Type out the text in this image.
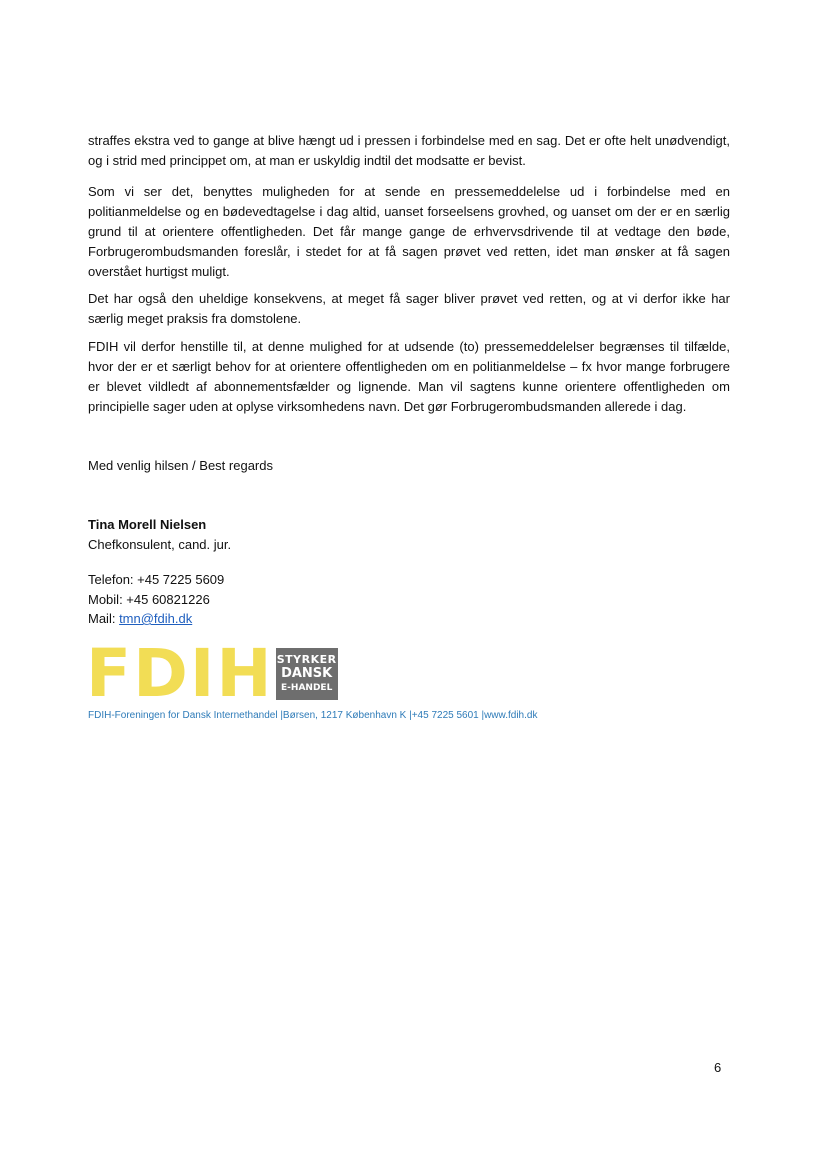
straffes ekstra ved to gange at blive hængt ud i pressen i forbindelse med en sag. Det er ofte helt unødvendigt, og i strid med princippet om, at man er uskyldig indtil det modsatte er bevist.

Som vi ser det, benyttes muligheden for at sende en pressemeddelelse ud i forbindelse med en politianmeldelse og en bødevedtagelse i dag altid, uanset forseelsens grovhed, og uanset om der er en særlig grund til at orientere offentligheden. Det får mange gange de erhvervsdrivende til at vedtage den bøde, Forbrugerombudsmanden foreslår, i stedet for at få sagen prøvet ved retten, idet man ønsker at få sagen overstået hurtigst muligt.

Det har også den uheldige konsekvens, at meget få sager bliver prøvet ved retten, og at vi derfor ikke har særlig meget praksis fra domstolene.

FDIH vil derfor henstille til, at denne mulighed for at udsende (to) pressemeddelelser begrænses til tilfælde, hvor der er et særligt behov for at orientere offentligheden om en politianmeldelse – fx hvor mange forbrugere er blevet vildledt af abonnementsfælder og lignende. Man vil sagtens kunne orientere offentligheden om principielle sager uden at oplyse virksomhedens navn. Det gør Forbrugerombudsmanden allerede i dag.

Med venlig hilsen / Best regards
Tina Morell Nielsen
Chefkonsulent, cand. jur.
Telefon: +45 7225 5609
Mobil: +45 60821226
Mail: tmn@fdih.dk
FDIH STYRKER
DANSK
E-HANDEL
FDIH-Foreningen for Dansk Internethandel |Børsen, 1217 København K |+45 7225 5601 |www.fdih.dk
6
